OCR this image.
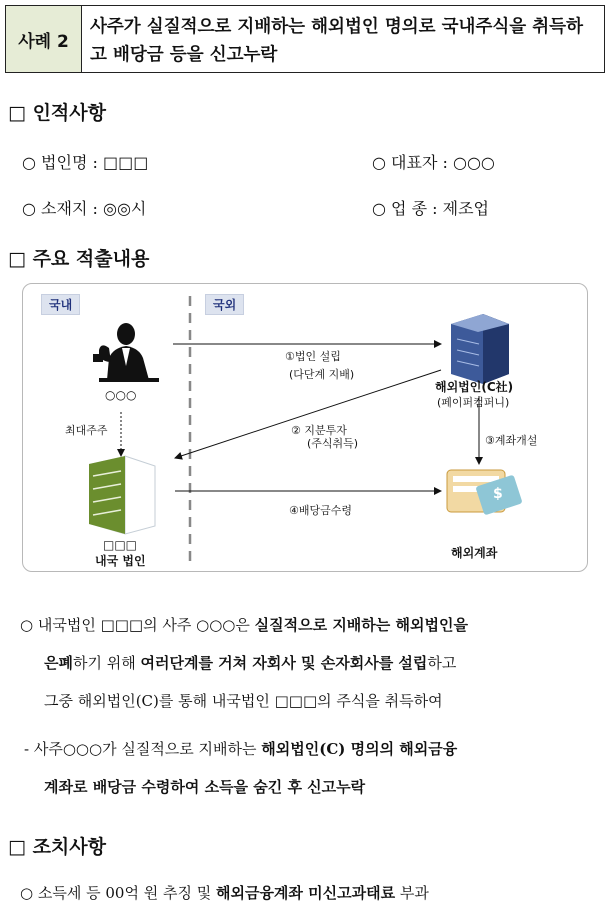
사례 2
사주가 실질적으로 지배하는 해외법인 명의로 국내주식을 취득하고 배당금 등을 신고누락
□ 인적사항
○ 법인명 : □□□	○ 대표자 : ○○○
○ 소재지 : ◎◎시	○ 업 종 : 제조업
□ 주요 적출내용
국내	국외
$
○○○
최대주주
①법인 설립
(다단계 지배)
해외법인(C社)
(페이퍼컴퍼니)
② 지분투자
(주식취득)	③계좌개설
④배당금수령
□□□
내국 법인
해외계좌
○ 내국법인 □□□의 사주 ○○○은 실질적으로 지배하는 해외법인을
은폐하기 위해 여러단계를 거쳐 자회사 및 손자회사를 설립하고
그중 해외법인(C)를 통해 내국법인 □□□의 주식을 취득하여
- 사주○○○가 실질적으로 지배하는 해외법인(C) 명의의 해외금융
계좌로 배당금 수령하여 소득을 숨긴 후 신고누락
□ 조치사항
○ 소득세 등 00억 원 추징 및 해외금융계좌 미신고과태료 부과
